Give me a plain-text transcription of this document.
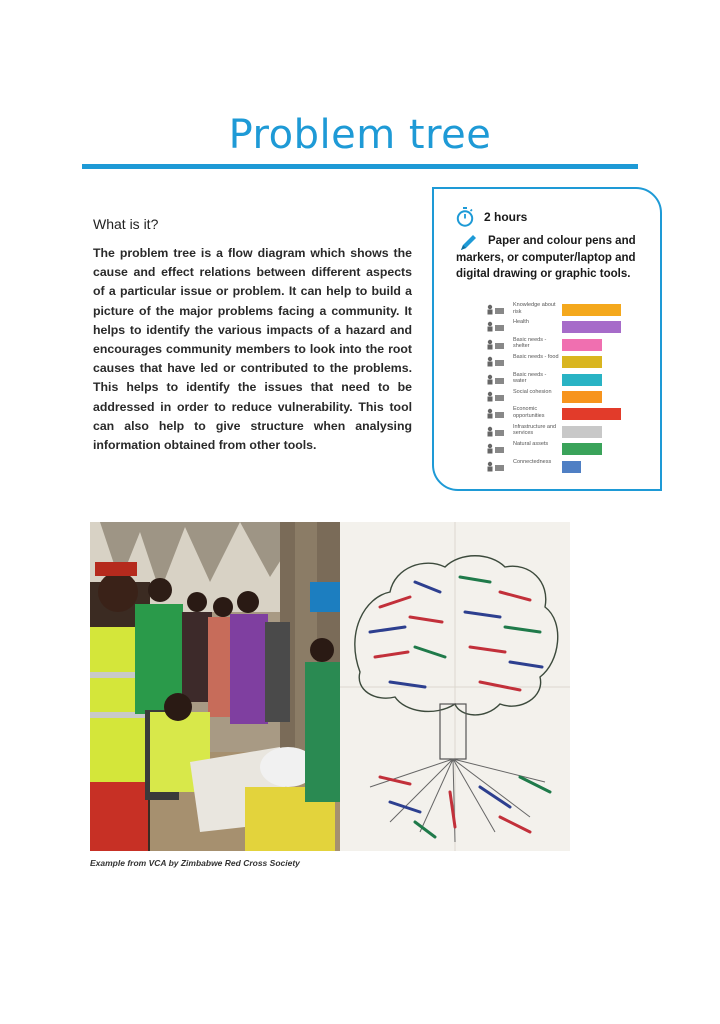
Problem tree
What is it?
The problem tree is a flow diagram which shows the cause and effect relations between different aspects of a particular issue or problem. It can help to build a picture of the major problems facing a community. It helps to identify the various impacts of a hazard and encourages community members to look into the root causes that have led or contributed to the problems. This helps to identify the issues that need to be addressed in order to reduce vulnerability. This tool can also help to give structure when analysing information obtained from other tools.
2 hours

Paper and colour pens and markers, or computer/laptop and digital drawing or graphic tools.

Knowledge about risk
Health
Basic needs - shelter
Basic needs - food
Basic needs - water
Social cohesion
Economic opportunities
Infrastructure and services
Natural assets
Connectedness
Example from VCA by Zimbabwe Red Cross Society
